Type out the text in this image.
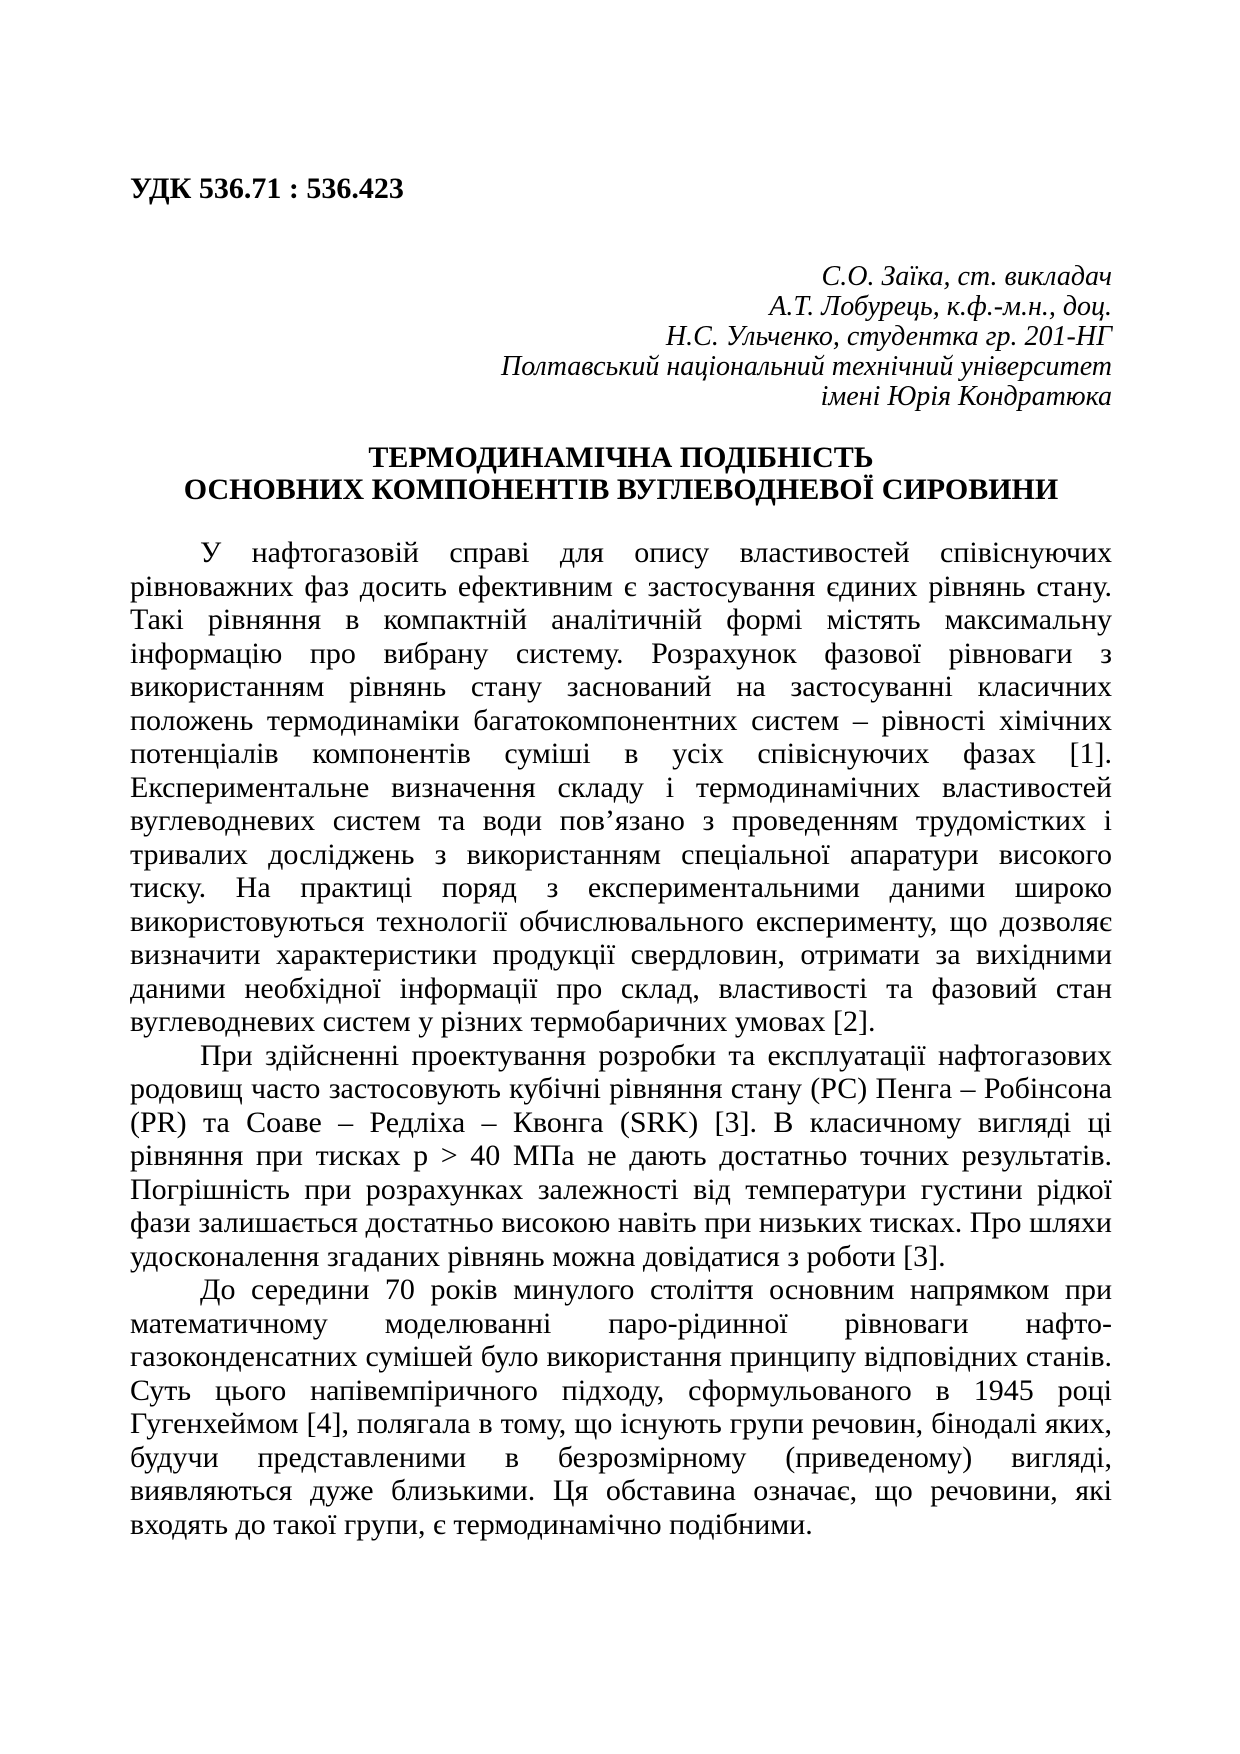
УДК 536.71 : 536.423
С.О. Заїка, ст. викладач
А.Т. Лобурець, к.ф.-м.н., доц.
Н.С. Ульченко, студентка гр. 201-НГ
Полтавський національний технічний університет
імені Юрія Кондратюка
ТЕРМОДИНАМІЧНА ПОДІБНІСТЬ
ОСНОВНИХ КОМПОНЕНТІВ ВУГЛЕВОДНЕВОЇ СИРОВИНИ

У нафтогазовій справі для опису властивостей співіснуючих рівноважних фаз досить ефективним є застосування єдиних рівнянь стану. Такі рівняння в компактній аналітичній формі містять максимальну інформацію про вибрану систему. Розрахунок фазової рівноваги з використанням рівнянь стану заснований на застосуванні класичних положень термодинаміки багатокомпонентних систем – рівності хімічних потенціалів компонентів суміші в усіх співіснуючих фазах [1]. Експериментальне визначення складу і термодинамічних властивостей вуглеводневих систем та води пов’язано з проведенням трудомістких і тривалих досліджень з використанням спеціальної апаратури високого тиску. На практиці поряд з експериментальними даними широко використовуються технології обчислювального експерименту, що дозволяє визначити характеристики продукції свердловин, отримати за вихідними даними необхідної інформації про склад, властивості та фазовий стан вуглеводневих систем у різних термобаричних умовах [2].

При здійсненні проектування розробки та експлуатації нафтогазових родовищ часто застосовують кубічні рівняння стану (РС) Пенга – Робінсона (PR) та Соаве – Редліха – Квонга (SRK) [3]. В класичному вигляді ці рівняння при тисках р > 40 МПа не дають достатньо точних результатів. Погрішність при розрахунках залежності від температури густини рідкої фази залишається достатньо високою навіть при низьких тисках. Про шляхи удосконалення згаданих рівнянь можна довідатися з роботи [3].

До середини 70 років минулого століття основним напрямком при математичному моделюванні паро-рідинної рівноваги нафто-газоконденсатних сумішей було використання принципу відповідних станів. Суть цього напівемпіричного підходу, сформульованого в 1945 році Гугенхеймом [4], полягала в тому, що існують групи речовин, бінодалі яких, будучи представленими в безрозмірному (приведеному) вигляді, виявляються дуже близькими. Ця обставина означає, що речовини, які входять до такої групи, є термодинамічно подібними.
